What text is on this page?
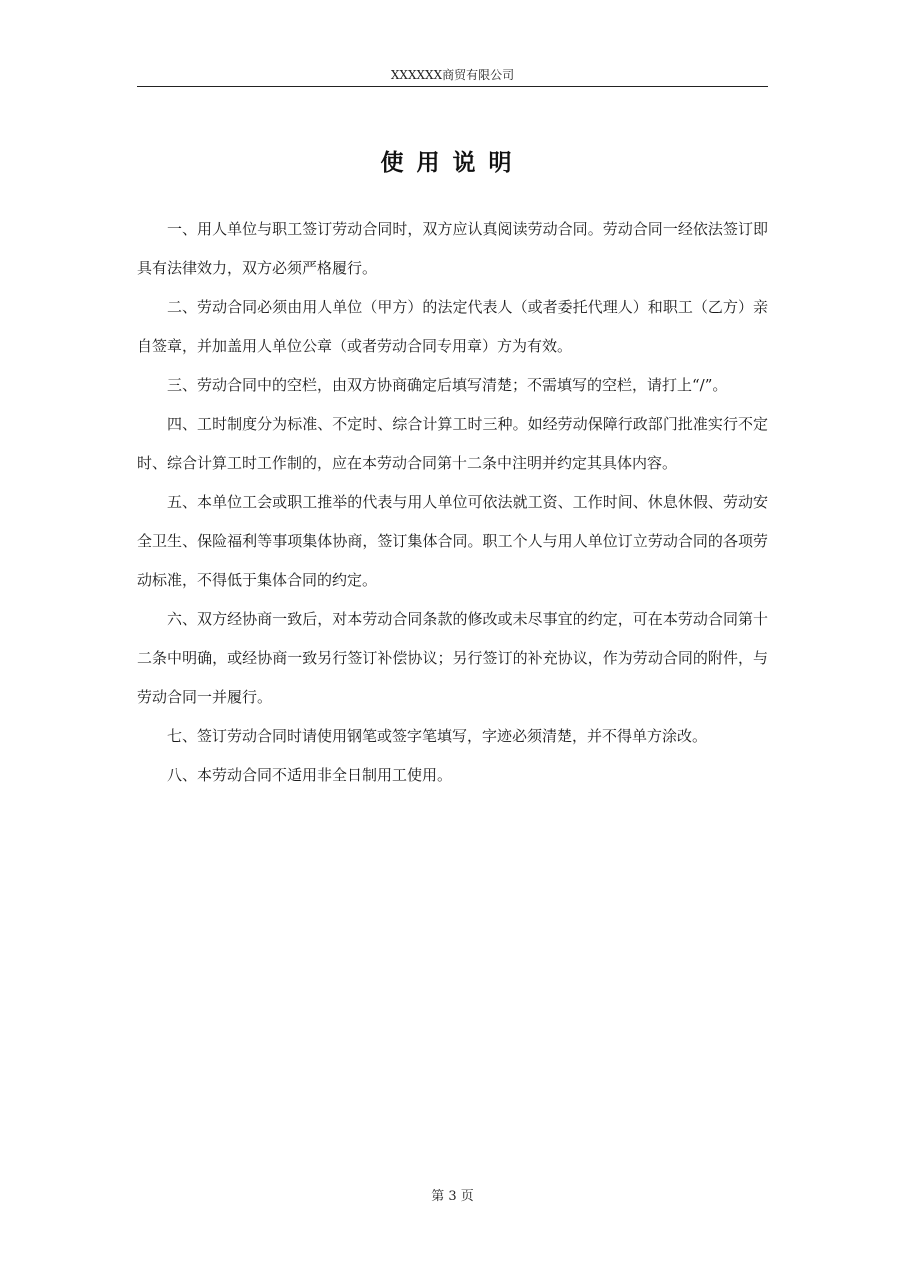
XXXXXX商贸有限公司
使用说明

一、用人单位与职工签订劳动合同时，双方应认真阅读劳动合同。劳动合同一经依法签订即具有法律效力，双方必须严格履行。

二、劳动合同必须由用人单位（甲方）的法定代表人（或者委托代理人）和职工（乙方）亲自签章，并加盖用人单位公章（或者劳动合同专用章）方为有效。

三、劳动合同中的空栏，由双方协商确定后填写清楚；不需填写的空栏，请打上“/”。

四、工时制度分为标准、不定时、综合计算工时三种。如经劳动保障行政部门批准实行不定时、综合计算工时工作制的，应在本劳动合同第十二条中注明并约定其具体内容。

五、本单位工会或职工推举的代表与用人单位可依法就工资、工作时间、休息休假、劳动安全卫生、保险福利等事项集体协商，签订集体合同。职工个人与用人单位订立劳动合同的各项劳动标准，不得低于集体合同的约定。

六、双方经协商一致后，对本劳动合同条款的修改或未尽事宜的约定，可在本劳动合同第十二条中明确，或经协商一致另行签订补偿协议；另行签订的补充协议，作为劳动合同的附件，与劳动合同一并履行。

七、签订劳动合同时请使用钢笔或签字笔填写，字迹必须清楚，并不得单方涂改。

八、本劳动合同不适用非全日制用工使用。

第 3 页
